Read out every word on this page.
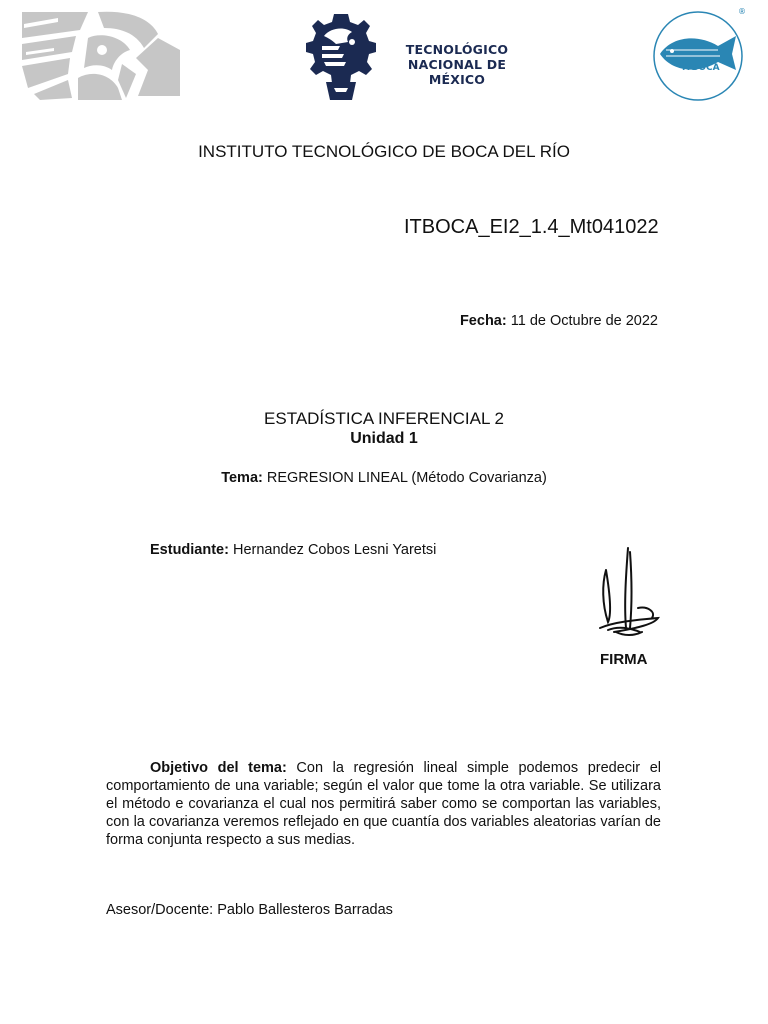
TECNOLÓGICO
NACIONAL DE MÉXICO
ITBOCA
®
INSTITUTO TECNOLÓGICO DE BOCA DEL RÍO
ITBOCA_EI2_1.4_Mt041022
Fecha: 11 de Octubre de 2022
ESTADÍSTICA INFERENCIAL 2
Unidad 1
Tema: REGRESION LINEAL (Método Covarianza)
Estudiante: Hernandez Cobos Lesni Yaretsi
FIRMA
Objetivo del tema: Con la regresión lineal simple podemos predecir el comportamiento de una variable; según el valor que tome la otra variable. Se utilizara el método e covarianza el cual nos permitirá saber como se comportan las variables, con la covarianza veremos reflejado en que cuantía dos variables aleatorias varían de forma conjunta respecto a sus medias.
Asesor/Docente: Pablo Ballesteros Barradas
